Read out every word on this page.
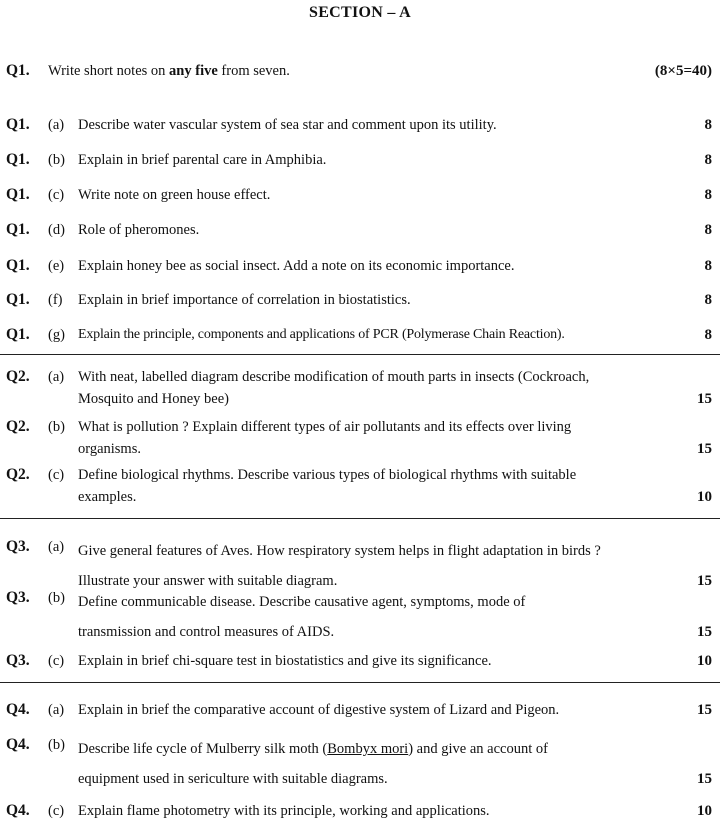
SECTION – A
Q1. Write short notes on any five from seven.	(8×5=40)
Q1. (a) Describe water vascular system of sea star and comment upon its utility.	8
Q1. (b) Explain in brief parental care in Amphibia.	8
Q1. (c) Write note on green house effect.	8
Q1. (d) Role of pheromones.	8
Q1. (e) Explain honey bee as social insect. Add a note on its economic importance.	8
Q1. (f) Explain in brief importance of correlation in biostatistics.	8
Q1. (g) Explain the principle, components and applications of PCR (Polymerase Chain Reaction).	8
Q2. (a) With neat, labelled diagram describe modification of mouth parts in insects (Cockroach,
Mosquito and Honey bee)	15
Q2. (b) What is pollution ? Explain different types of air pollutants and its effects over living
organisms.	15
Q2. (c) Define biological rhythms. Describe various types of biological rhythms with suitable
examples.	10
Q3. (a) Give general features of Aves. How respiratory system helps in flight adaptation in birds ?
Illustrate your answer with suitable diagram.	15
Q3. (b) Define communicable disease. Describe causative agent, symptoms, mode of
transmission and control measures of AIDS.	15
Q3. (c) Explain in brief chi-square test in biostatistics and give its significance.	10
Q4. (a) Explain in brief the comparative account of digestive system of Lizard and Pigeon.	15
Q4. (b) Describe life cycle of Mulberry silk moth (Bombyx mori) and give an account of
equipment used in sericulture with suitable diagrams.	15
Q4. (c) Explain flame photometry with its principle, working and applications.	10
